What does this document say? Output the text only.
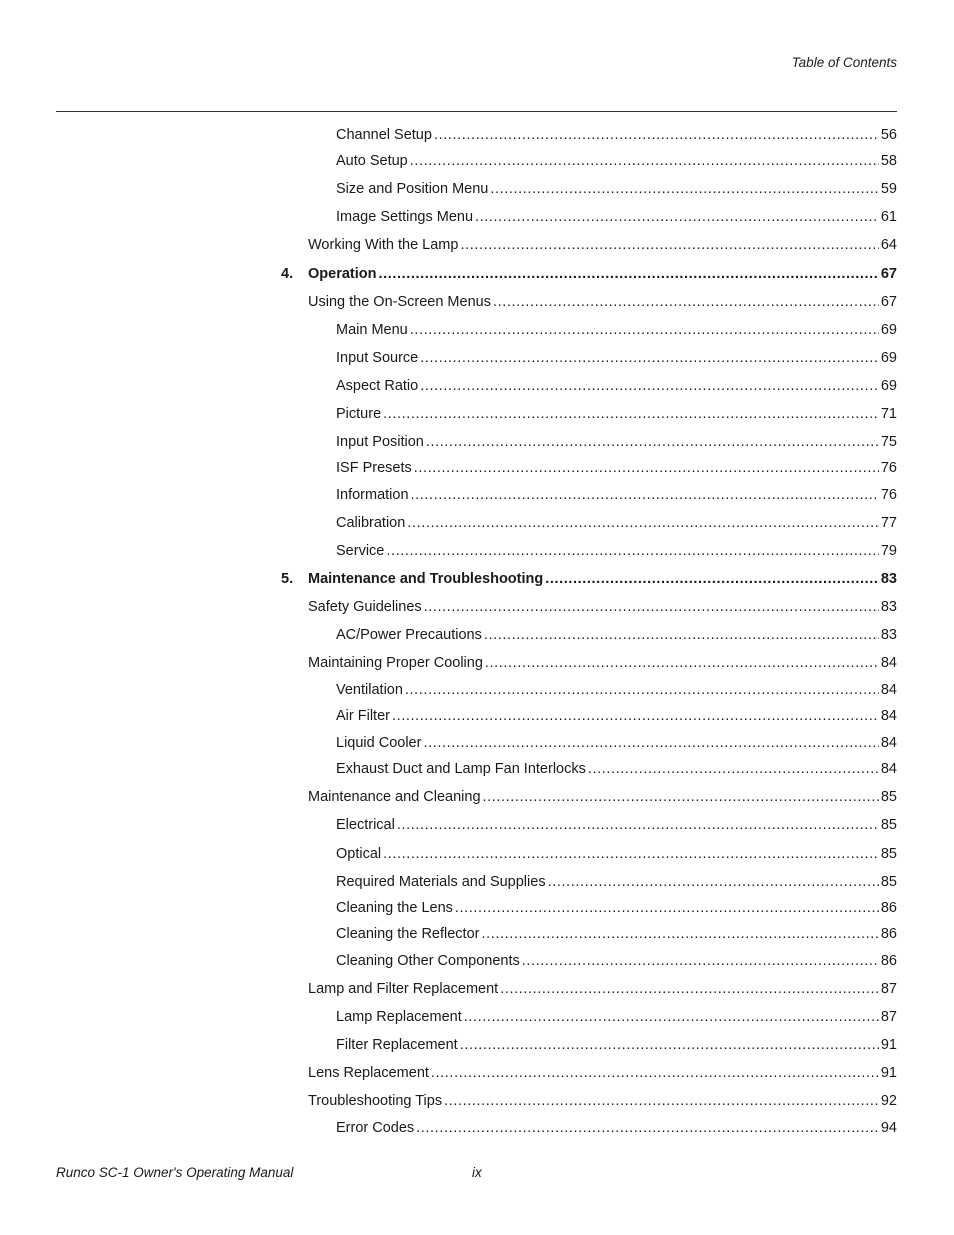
Table of Contents
Channel Setup .....	56
Auto Setup .....	58
Size and Position Menu .....	59
Image Settings Menu .....	61
Working With the Lamp .....	64
4.	Operation .....	67
Using the On-Screen Menus .....	67
Main Menu .....	69
Input Source .....	69
Aspect Ratio .....	69
Picture .....	71
Input Position .....	75
ISF Presets .....	76
Information .....	76
Calibration .....	77
Service .....	79
5.	Maintenance and Troubleshooting .....	83
Safety Guidelines .....	83
AC/Power Precautions .....	83
Maintaining Proper Cooling .....	84
Ventilation .....	84
Air Filter .....	84
Liquid Cooler .....	84
Exhaust Duct and Lamp Fan Interlocks .....	84
Maintenance and Cleaning .....	85
Electrical .....	85
Optical .....	85
Required Materials and Supplies .....	85
Cleaning the Lens .....	86
Cleaning the Reflector .....	86
Cleaning Other Components .....	86
Lamp and Filter Replacement .....	87
Lamp Replacement .....	87
Filter Replacement .....	91
Lens Replacement .....	91
Troubleshooting Tips .....	92
Error Codes .....	94
Runco SC-1 Owner's Operating Manual	ix
